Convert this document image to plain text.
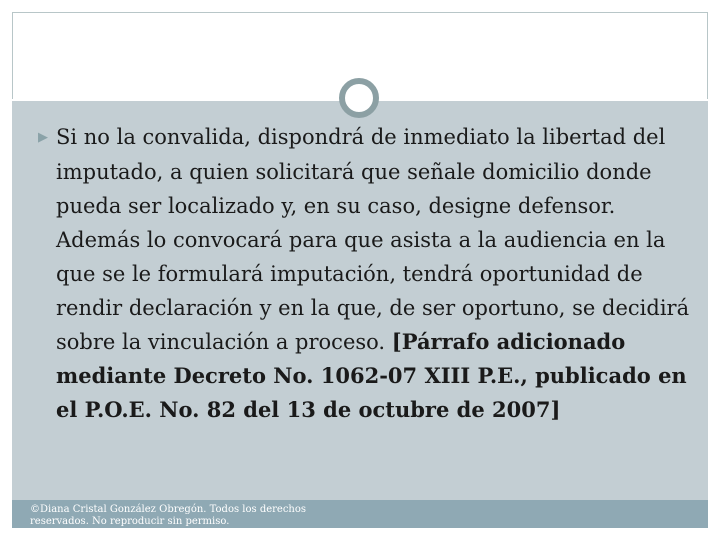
▶ Si no la convalida, dispondrá de inmediato la libertad del imputado, a quien solicitará que señale domicilio donde pueda ser localizado y, en su caso, designe defensor. Además lo convocará para que asista a la audiencia en la que se le formulará imputación, tendrá oportunidad de rendir declaración y en la que, de ser oportuno, se decidirá sobre la vinculación a proceso. [Párrafo adicionado mediante Decreto No. 1062-07 XIII P.E., publicado en el P.O.E. No. 82 del 13 de octubre de 2007]

©Diana Cristal González Obregón. Todos los derechos reservados. No reproducir sin permiso.
